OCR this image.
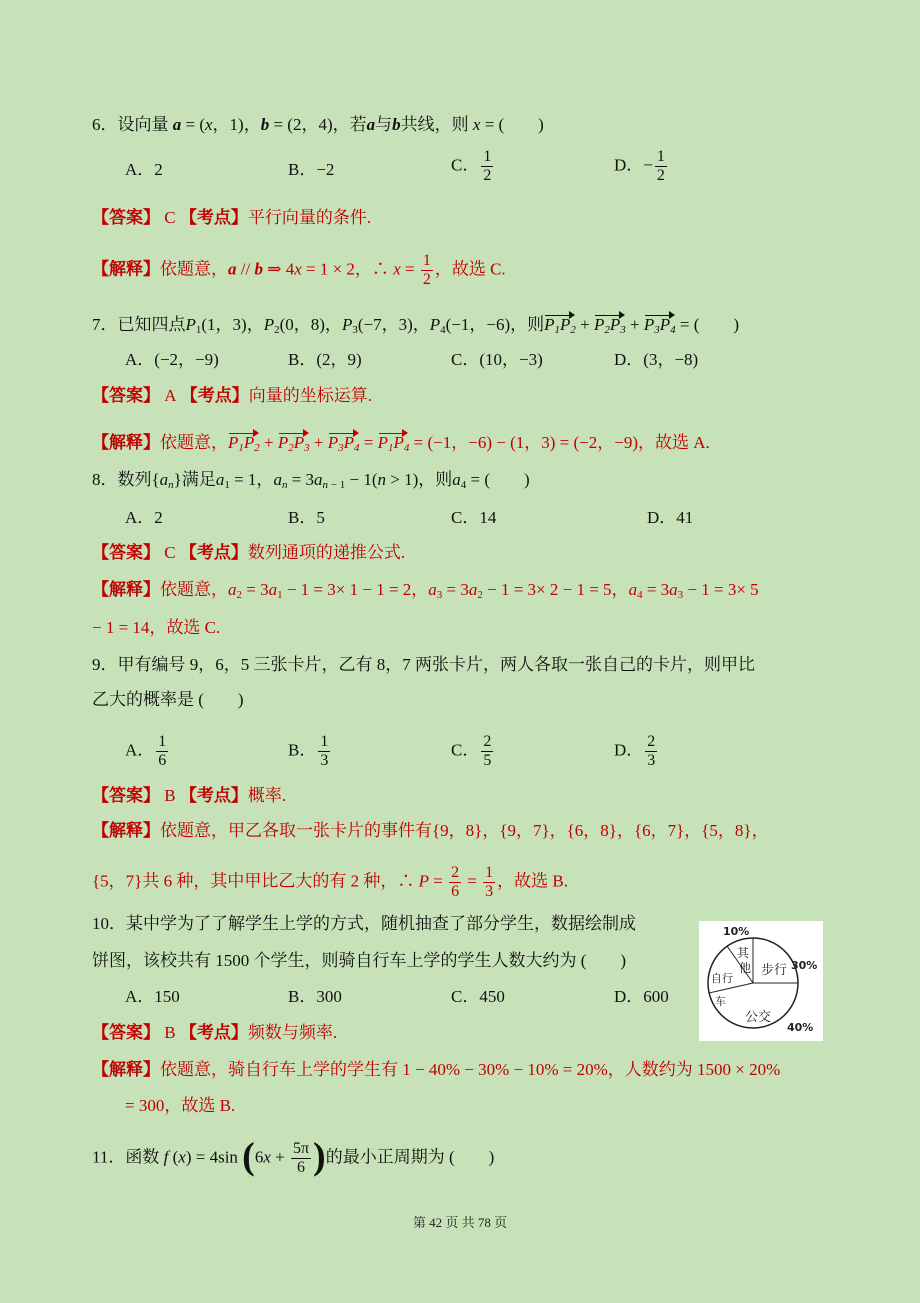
6．设向量 a = (x，1)，b = (2，4)，若a与b共线，则 x = (　　)
A．2	B．−2	C． $\frac{1}{2}$	D．− $\frac{1}{2}$
【答案】 C 【考点】平行向量的条件.
【解释】依题意，a // b ⇒ 4x = 1 × 2，∴ $x = \frac{1}{2}$ ，故选 C.
7．已知四点$P_1(1$，3)，$P_2(0$，8)，$P_3(-7$，3)，$P_4(-1$，−6)，则$P_1P_2 + P_2P_3 + P_3P_4$ = (　　)
A．(−2，−9)	B．(2，9)	C．(10，−3)	D．(3，−8)
【答案】 A 【考点】向量的坐标运算.
【解释】依题意，$P_1P_2 + P_2P_3 + P_3P_4 = P_1P_4 = (-1$，−6) − (1，3) = (−2，−9)，故选 A.
8．数列$\{a_n\}$满足$a_1 = 1$，$a_n = 3a_{n - 1} - 1(n > 1)$，则$a_4$ = (　　)
A．2	B．5	C．14	D．41
【答案】 C 【考点】数列通项的递推公式.
【解释】依题意，$a_2 = 3a_1 - 1 = 3\times 1 - 1 = 2$，$a_3 = 3a_2 - 1 = 3\times 2 - 1 = 5$，$a_4 = 3a_3 - 1 = 3\times 5$
− 1 = 14，故选 C.
9．甲有编号 9，6，5 三张卡片，乙有 8，7 两张卡片，两人各取一张自己的卡片，则甲比
乙大的概率是 (　　)
A． $\frac{1}{6}$	B． $\frac{1}{3}$	C． $\frac{2}{5}$	D． $\frac{2}{3}$
【答案】 B 【考点】概率.
【解释】依题意，甲乙各取一张卡片的事件有{9，8}，{9，7}，{6，8}，{6，7}，{5，8}，
{5，7}共 6 种，其中甲比乙大的有 2 种，∴ $P = \frac{2}{6} = \frac{1}{3}$ ，故选 B.
10．某中学为了了解学生上学的方式，随机抽查了部分学生，数据绘制成
饼图，该校共有 1500 个学生，则骑自行车上学的学生人数大约为 (　　)
A．150	B．300	C．450	D．600
其
他 步行
自行
车
公交
10%
30%
40%
【答案】 B 【考点】频数与频率.
【解释】依题意，骑自行车上学的学生有 1 − 40% − 30% − 10% = 20%，人数约为 1500 × 20%
= 300，故选 B.
11．函数 f (x) = 4sin ($6x + \frac{5\pi}{6}$ )的最小正周期为 (　　)
第 42 页 共 78 页
